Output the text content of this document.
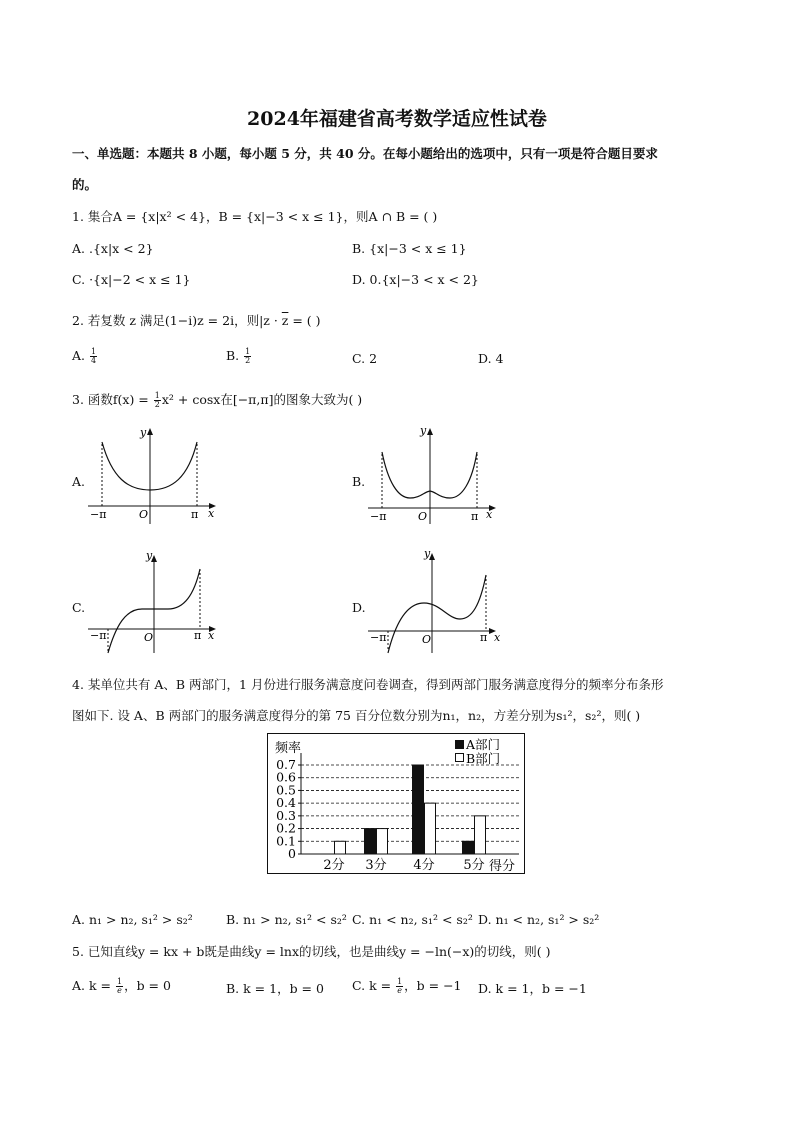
2024年福建省高考数学适应性试卷
一、单选题：本题共 8 小题，每小题 5 分，共 40 分。在每小题给出的选项中，只有一项是符合题目要求
的。
1. 集合A = {x|x² < 4}，B = {x|−3 < x ≤ 1}，则A ∩ B = ( )
A. .{x|x < 2}	B. {x|−3 < x ≤ 1}
C. ·{x|−2 < x ≤ 1}	D. 0.{x|−3 < x < 2}
2. 若复数 z 满足(1−i)z = 2i，则$|z \cdot \overline{z}$ = ( )
A. $\frac{1}{4}$	B. $\frac{1}{2}$	C. 2	D. 4
3. 函数$f(x) = \frac{1}{2} x^2 + \cos x$在[−π,π]的图象大致为( )
A.
y
x
O
−π	π
B.
y
x
O
−π	π
C.
y
x
O
−π	π
D.
y
x
O
−π	π
4. 某单位共有 A、B 两部门，1 月份进行服务满意度问卷调查，得到两部门服务满意度得分的频率分布条形
图如下. 设 A、B 两部门的服务满意度得分的第 75 百分位数分别为n₁，n₂，方差分别为s₁²，s₂²，则( )
0
0.1
0.2
0.3
0.4
0.5
0.6
0.7
2分 3分 4分 5分
频率
得分
A部门
B部门
A. n₁ > n₂, s₁² > s₂²	B. n₁ > n₂, s₁² < s₂² C. n₁ < n₂, s₁² < s₂² D. n₁ < n₂, s₁² > s₂²
5. 已知直线y = kx + b既是曲线y = lnx的切线，也是曲线y = −ln(−x)的切线，则( )
A. $k = \frac{1}{e}$ ，b = 0	B. k = 1，b = 0 C. $k = \frac{1}{e}$ ，b = −1 D. k = 1，b = −1
